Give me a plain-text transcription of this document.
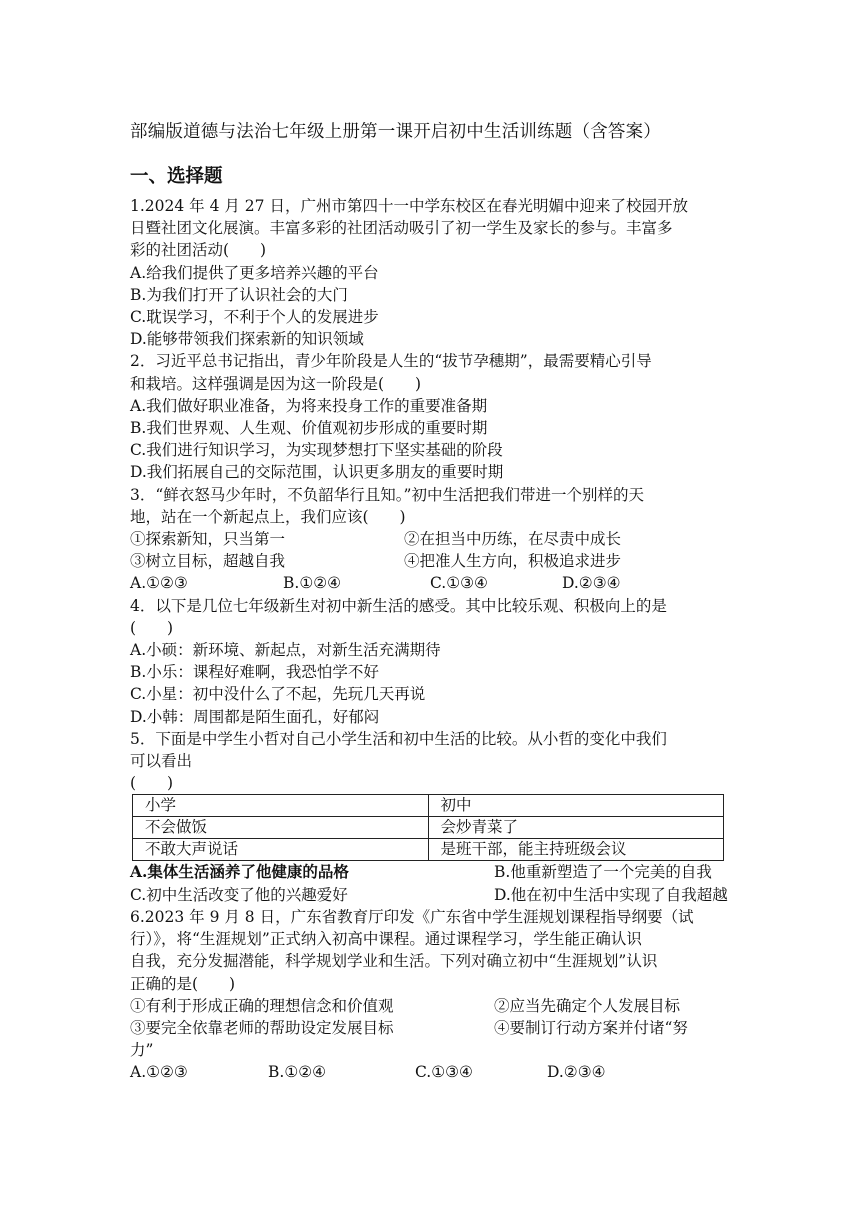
部编版道德与法治七年级上册第一课开启初中生活训练题（含答案）
一、选择题

1.2024 年 4 月 27 日，广州市第四十一中学东校区在春光明媚中迎来了校园开放

日暨社团文化展演。丰富多彩的社团活动吸引了初一学生及家长的参与。丰富多

彩的社团活动(　　)

A.给我们提供了更多培养兴趣的平台

B.为我们打开了认识社会的大门

C.耽误学习，不利于个人的发展进步

D.能够带领我们探索新的知识领域

2．习近平总书记指出，青少年阶段是人生的“拔节孕穗期”，最需要精心引导

和栽培。这样强调是因为这一阶段是(　　)

A.我们做好职业准备，为将来投身工作的重要准备期

B.我们世界观、人生观、价值观初步形成的重要时期

C.我们进行知识学习，为实现梦想打下坚实基础的阶段

D.我们拓展自己的交际范围，认识更多朋友的重要时期

3．“鲜衣怒马少年时，不负韶华行且知。”初中生活把我们带进一个别样的天

地，站在一个新起点上，我们应该(　　)

①探索新知，只当第一	②在担当中历练，在尽责中成长
③树立目标，超越自我	④把准人生方向，积极追求进步
A.①②③	B.①②④	C.①③④	D.②③④

4．以下是几位七年级新生对初中新生活的感受。其中比较乐观、积极向上的是

(　　)

A.小硕：新环境、新起点，对新生活充满期待

B.小乐：课程好难啊，我恐怕学不好

C.小星：初中没什么了不起，先玩几天再说

D.小韩：周围都是陌生面孔，好郁闷

5．下面是中学生小哲对自己小学生活和初中生活的比较。从小哲的变化中我们

可以看出

(　　)

小学	初中
不会做饭	会炒青菜了
不敢大声说话	是班干部，能主持班级会议
A.集体生活涵养了他健康的品格	B.他重新塑造了一个完美的自我
C.初中生活改变了他的兴趣爱好	D.他在初中生活中实现了自我超越

6.2023 年 9 月 8 日，广东省教育厅印发《广东省中学生涯规划课程指导纲要（试

行）》，将“生涯规划”正式纳入初高中课程。通过课程学习，学生能正确认识

自我，充分发掘潜能，科学规划学业和生活。下列对确立初中“生涯规划”认识

正确的是(　　)

①有利于形成正确的理想信念和价值观	②应当先确定个人发展目标
③要完全依靠老师的帮助设定发展目标	④要制订行动方案并付诸“努

力”

A.①②③	B.①②④	C.①③④	D.②③④
